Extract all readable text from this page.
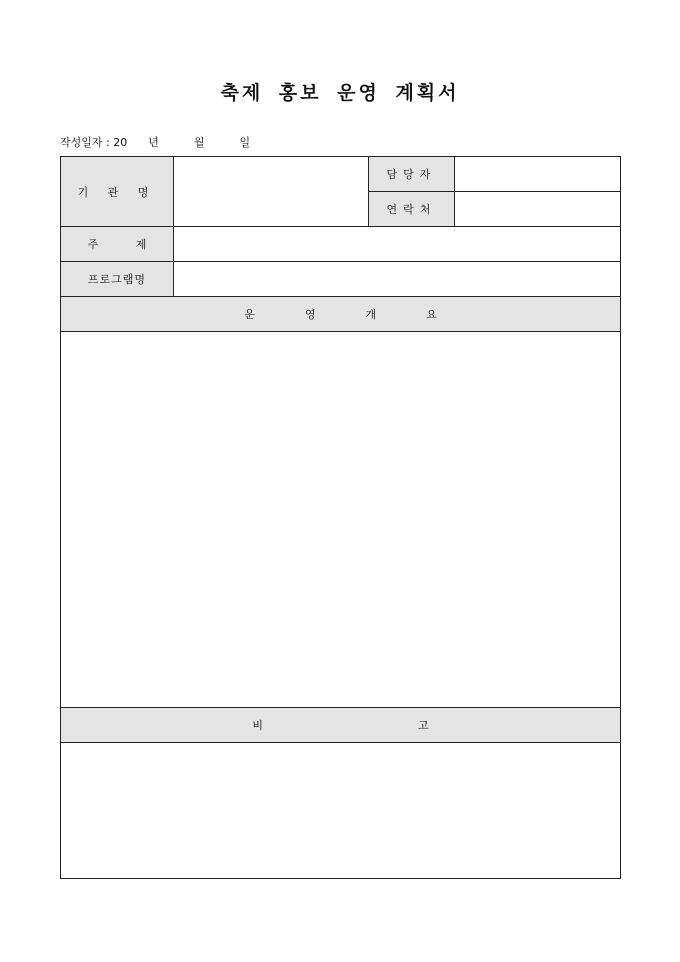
축제 홍보 운영 계획서
작성일자 : 20 년	월	일
기 관 명		담당자	
		연락처	
주 제			
프로그램명			
운 영 개 요			

비 고			
